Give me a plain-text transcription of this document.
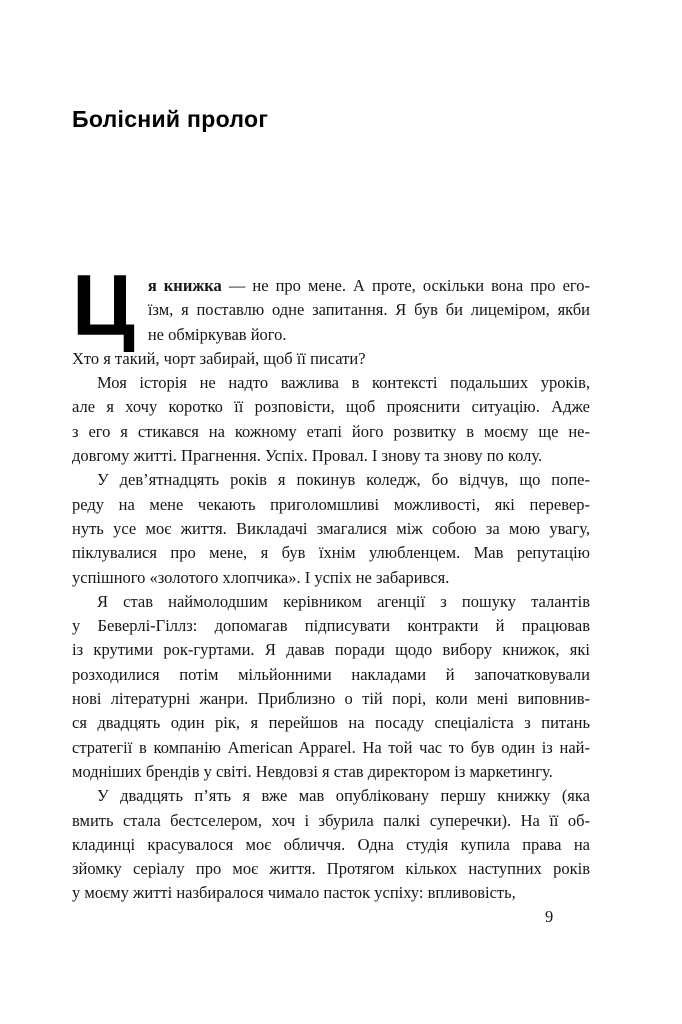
Болісний пролог
Ц я книжка — не про мене. А проте, оскільки вона про его-
їзм, я поставлю одне запитання. Я був би лицеміром, якби
не обміркував його.
Хто я такий, чорт забирай, щоб її писати?
Моя історія не надто важлива в контексті подальших уроків,
але я хочу коротко її розповісти, щоб прояснити ситуацію. Адже
з его я стикався на кожному етапі його розвитку в моєму ще не-
довгому житті. Прагнення. Успіх. Провал. І знову та знову по колу.
У дев’ятнадцять років я покинув коледж, бо відчув, що попе-
реду на мене чекають приголомшливі можливості, які перевер-
нуть усе моє життя. Викладачі змагалися між собою за мою увагу,
піклувалися про мене, я був їхнім улюбленцем. Мав репутацію
успішного «золотого хлопчика». І успіх не забарився.
Я став наймолодшим керівником агенції з пошуку талантів
у Беверлі-Гіллз: допомагав підписувати контракти й працював
із крутими рок-гуртами. Я давав поради щодо вибору книжок, які
розходилися потім мільйонними накладами й започатковували
нові літературні жанри. Приблизно о тій порі, коли мені виповнив-
ся двадцять один рік, я перейшов на посаду спеціаліста з питань
стратегії в компанію American Apparel. На той час то був один із най-
модніших брендів у світі. Невдовзі я став директором із маркетингу.
У двадцять п’ять я вже мав опубліковану першу книжку (яка
вмить стала бестселером, хоч і збурила палкі суперечки). На її об-
кладинці красувалося моє обличчя. Одна студія купила права на
зйомку серіалу про моє життя. Протягом кількох наступних років
у моєму житті назбиралося чимало пасток успіху: впливовість,
9
